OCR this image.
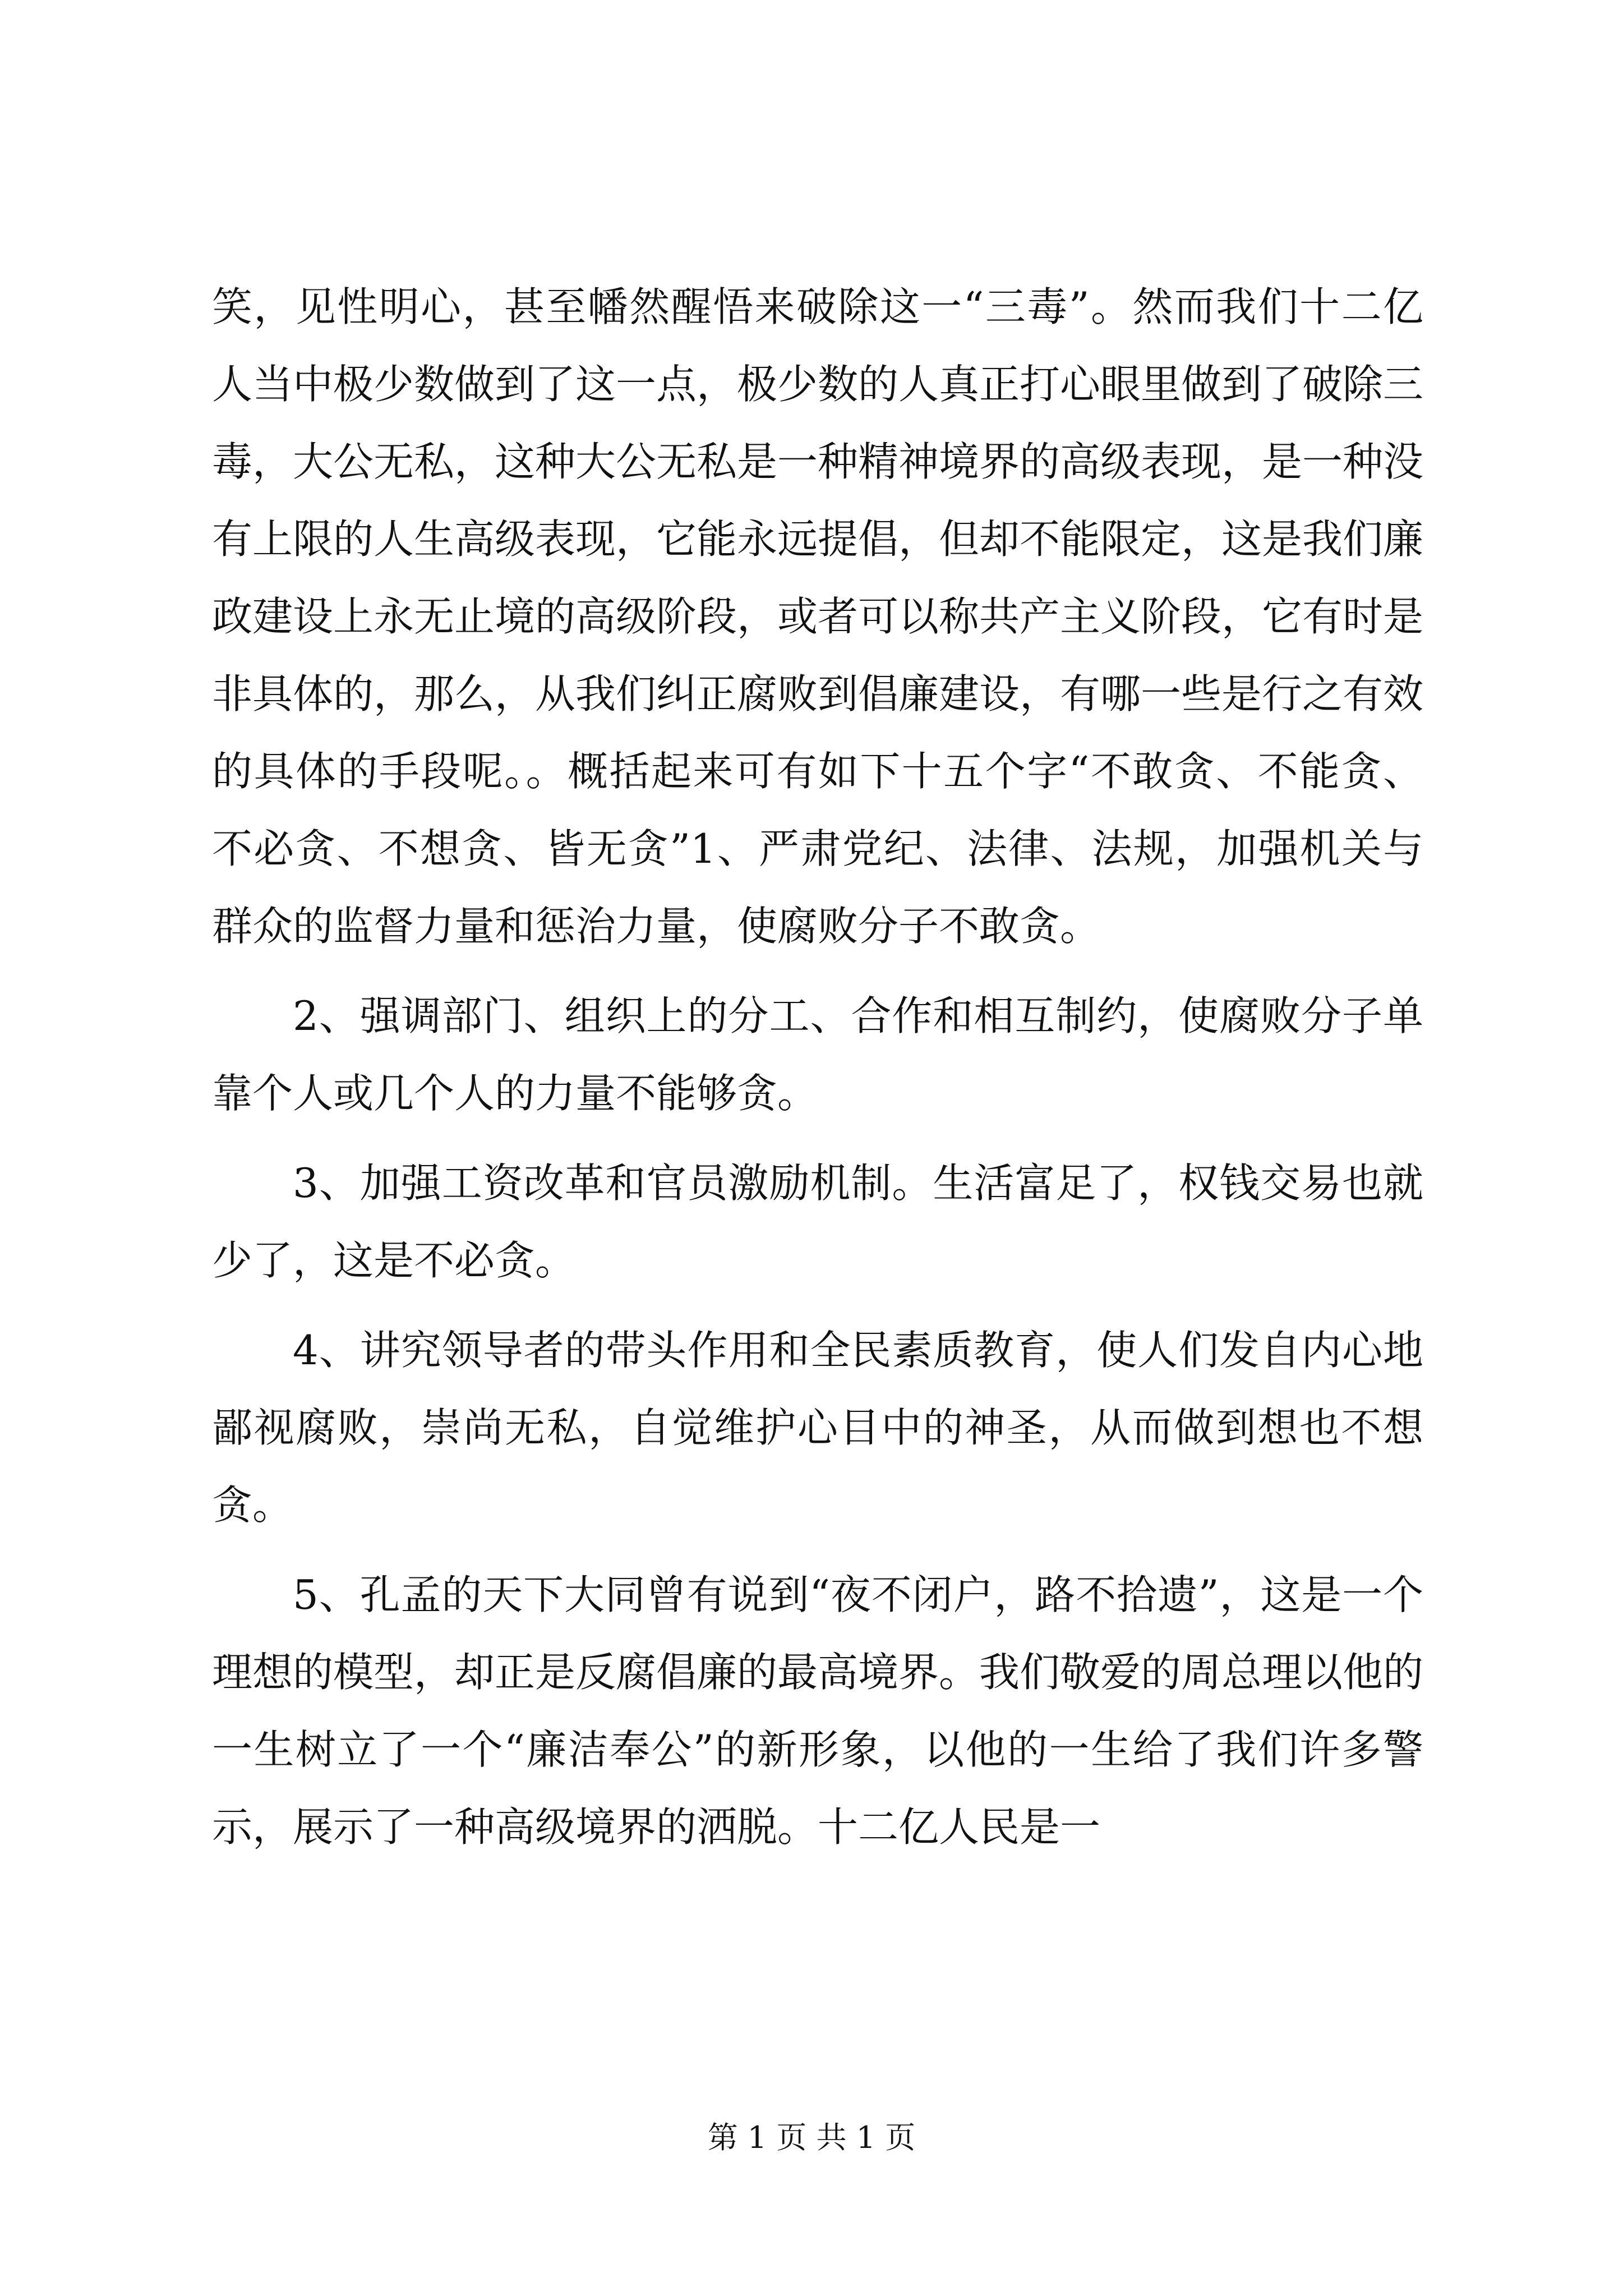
笑，见性明心，甚至幡然醒悟来破除这一“三毒”。然而我们十二亿人当中极少数做到了这一点，极少数的人真正打心眼里做到了破除三毒，大公无私，这种大公无私是一种精神境界的高级表现，是一种没有上限的人生高级表现，它能永远提倡，但却不能限定，这是我们廉政建设上永无止境的高级阶段，或者可以称共产主义阶段，它有时是非具体的，那么，从我们纠正腐败到倡廉建设，有哪一些是行之有效的具体的手段呢。。概括起来可有如下十五个字“不敢贪、不能贪、不必贪、不想贪、皆无贪”1、严肃党纪、法律、法规，加强机关与群众的监督力量和惩治力量，使腐败分子不敢贪。

2、强调部门、组织上的分工、合作和相互制约，使腐败分子单靠个人或几个人的力量不能够贪。

3、加强工资改革和官员激励机制。生活富足了，权钱交易也就少了，这是不必贪。

4、讲究领导者的带头作用和全民素质教育，使人们发自内心地鄙视腐败，崇尚无私，自觉维护心目中的神圣，从而做到想也不想贪。

5、孔孟的天下大同曾有说到“夜不闭户，路不拾遗”，这是一个理想的模型，却正是反腐倡廉的最高境界。我们敬爱的周总理以他的一生树立了一个“廉洁奉公”的新形象，以他的一生给了我们许多警示，展示了一种高级境界的洒脱。十二亿人民是一

第 1 页 共 1 页
